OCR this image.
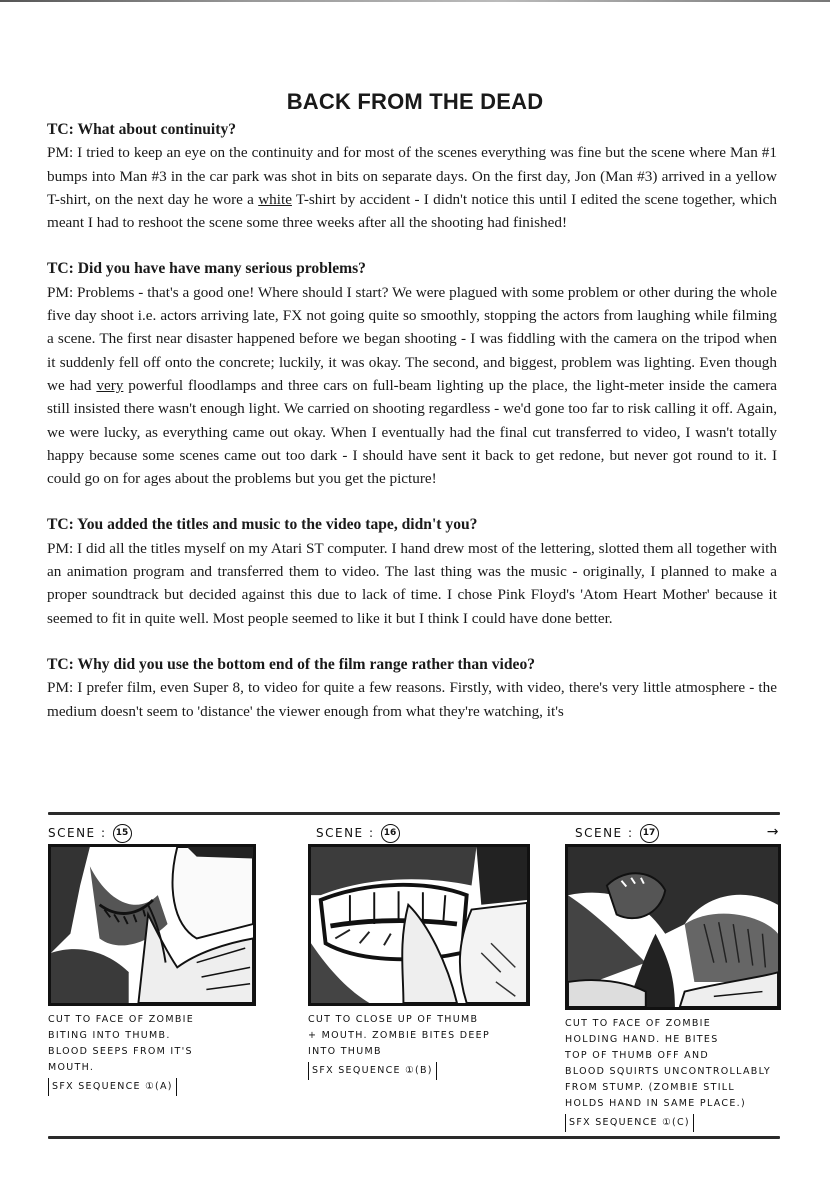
BACK FROM THE DEAD
TC: What about continuity?
PM: I tried to keep an eye on the continuity and for most of the scenes everything was fine but the scene where Man #1 bumps into Man #3 in the car park was shot in bits on separate days. On the first day, Jon (Man #3) arrived in a yellow T-shirt, on the next day he wore a white T-shirt by accident - I didn't notice this until I edited the scene together, which meant I had to reshoot the scene some three weeks after all the shooting had finished!
TC: Did you have have many serious problems?
PM: Problems - that's a good one! Where should I start? We were plagued with some problem or other during the whole five day shoot i.e. actors arriving late, FX not going quite so smoothly, stopping the actors from laughing while filming a scene. The first near disaster happened before we began shooting - I was fiddling with the camera on the tripod when it suddenly fell off onto the concrete; luckily, it was okay. The second, and biggest, problem was lighting. Even though we had very powerful floodlamps and three cars on full-beam lighting up the place, the light-meter inside the camera still insisted there wasn't enough light. We carried on shooting regardless - we'd gone too far to risk calling it off. Again, we were lucky, as everything came out okay. When I eventually had the final cut transferred to video, I wasn't totally happy because some scenes came out too dark - I should have sent it back to get redone, but never got round to it. I could go on for ages about the problems but you get the picture!
TC: You added the titles and music to the video tape, didn't you?
PM: I did all the titles myself on my Atari ST computer. I hand drew most of the lettering, slotted them all together with an animation program and transferred them to video. The last thing was the music - originally, I planned to make a proper soundtrack but decided against this due to lack of time. I chose Pink Floyd's 'Atom Heart Mother' because it seemed to fit in quite well. Most people seemed to like it but I think I could have done better.
TC: Why did you use the bottom end of the film range rather than video?
PM: I prefer film, even Super 8, to video for quite a few reasons. Firstly, with video, there's very little atmosphere - the medium doesn't seem to 'distance' the viewer enough from what they're watching, it's
SCENE :	15
CUT TO FACE OF ZOMBIE
BITING INTO THUMB.
BLOOD SEEPS FROM IT'S
MOUTH.
SFX SEQUENCE ①(A)
SCENE :	16
CUT TO CLOSE UP OF THUMB
+ MOUTH. ZOMBIE BITES DEEP
INTO THUMB
SFX SEQUENCE ①(B)
SCENE :	17	→
CUT TO FACE OF ZOMBIE
HOLDING HAND. HE BITES
TOP OF THUMB OFF AND
BLOOD SQUIRTS UNCONTROLLABLY
FROM STUMP. (ZOMBIE STILL
HOLDS HAND IN SAME PLACE.)
SFX SEQUENCE ①(C)
